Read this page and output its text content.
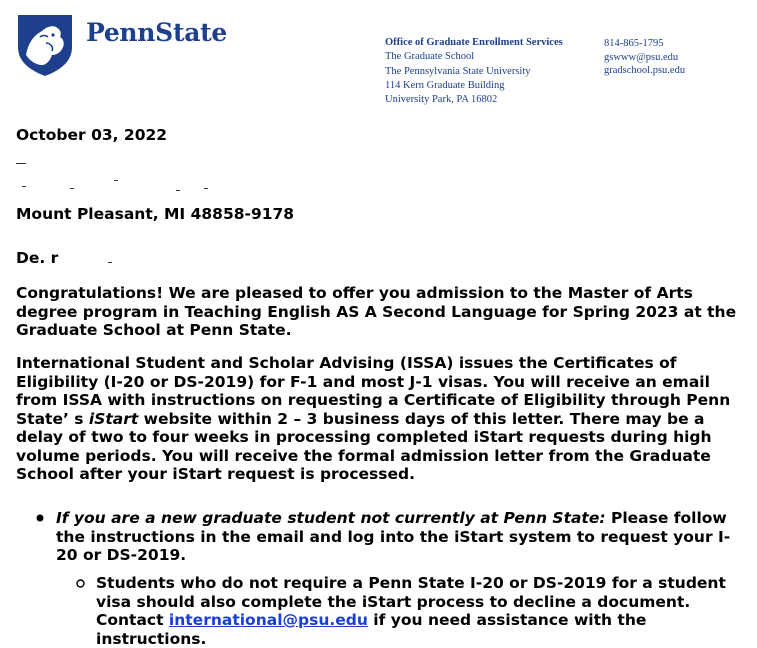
PennState	Office of Graduate Enrollment Services
The Graduate School
The Pennsylvania State University
114 Kern Graduate Building
University Park, PA 16802
814-865-1795
gswww@psu.edu
gradschool.psu.edu
October 03, 2022
Mount Pleasant, MI 48858-9178
De. r
Congratulations! We are pleased to offer you admission to the Master of Arts degree program in Teaching English AS A Second Language for Spring 2023 at the Graduate School at Penn State.
International Student and Scholar Advising (ISSA) issues the Certificates of Eligibility (I-20 or DS-2019) for F-1 and most J-1 visas. You will receive an email from ISSA with instructions on requesting a Certificate of Eligibility through Penn State’ s iStart website within 2 – 3 business days of this letter. There may be a delay of two to four weeks in processing completed iStart requests during high volume periods. You will receive the formal admission letter from the Graduate School after your iStart request is processed.
If you are a new graduate student not currently at Penn State: Please follow the instructions in the email and log into the iStart system to request your I-20 or DS-2019.
Students who do not require a Penn State I-20 or DS-2019 for a student visa should also complete the iStart process to decline a document. Contact international@psu.edu if you need assistance with the instructions.
